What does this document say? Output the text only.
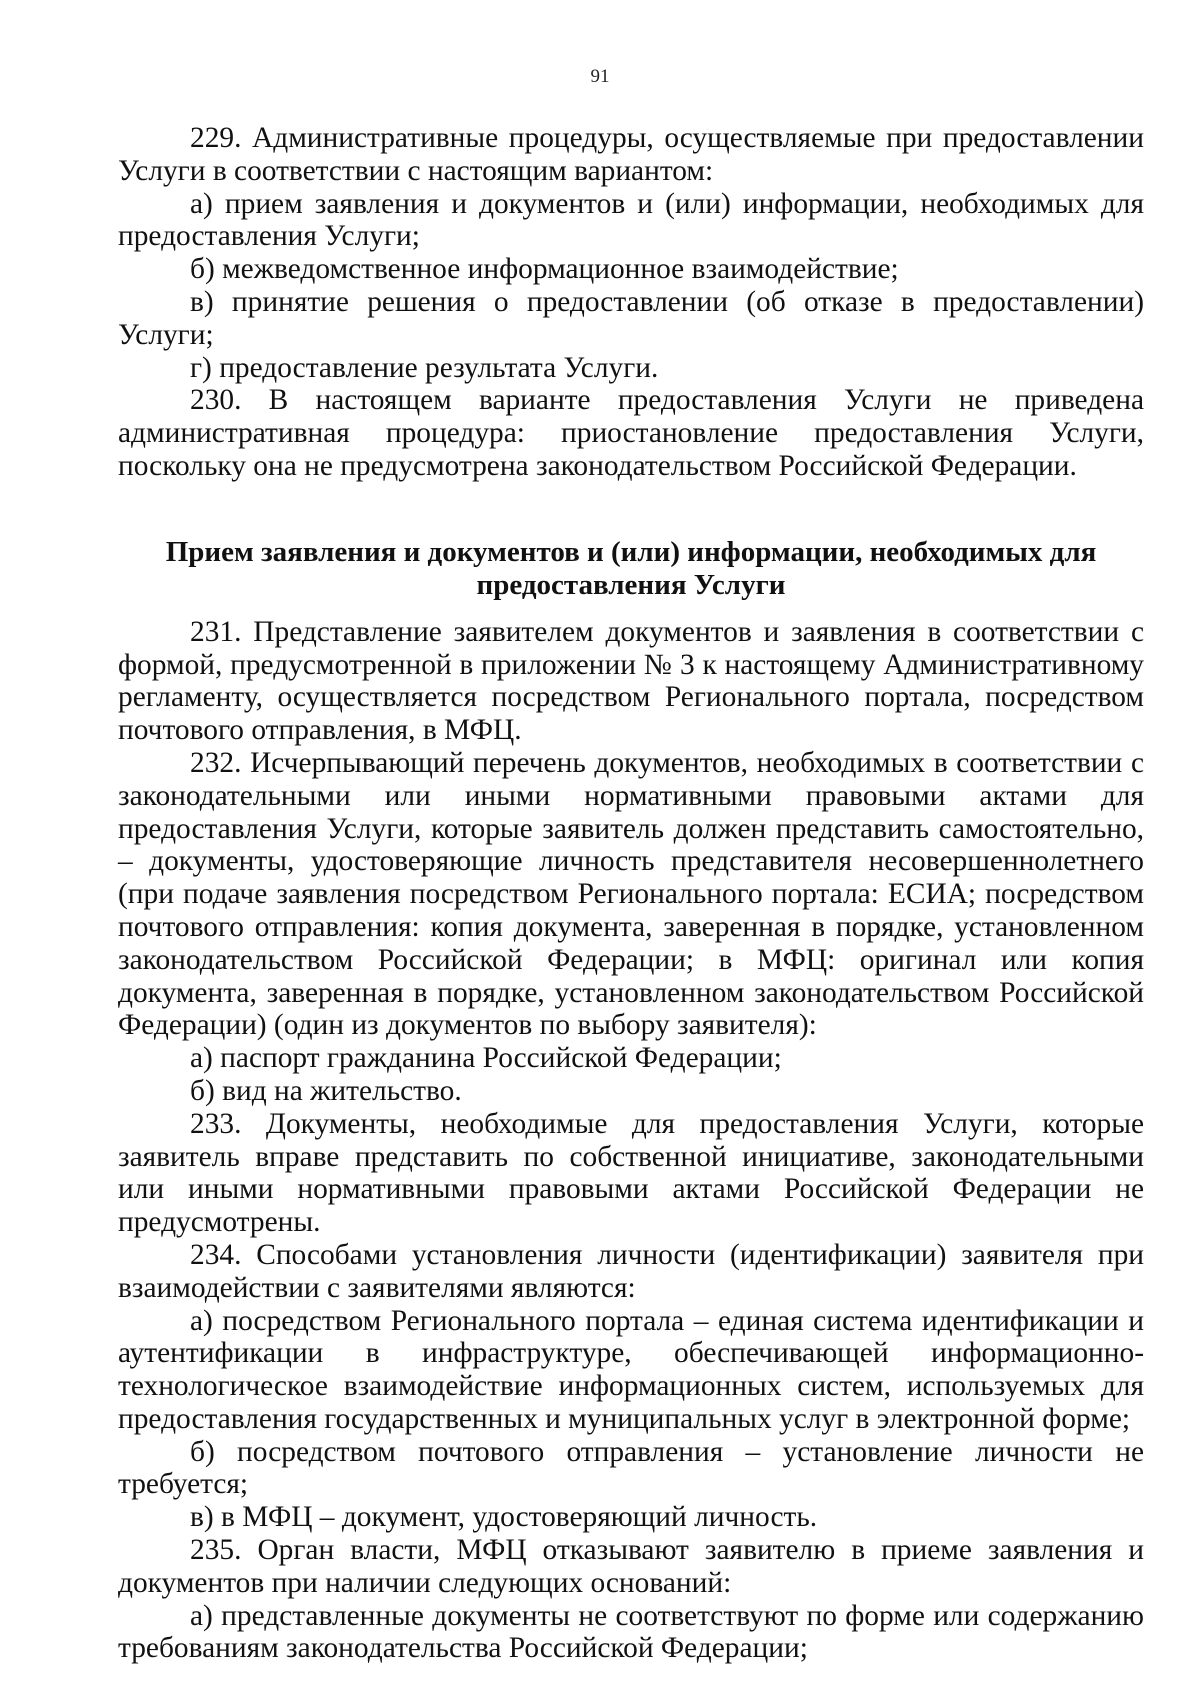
91

229. Административные процедуры, осуществляемые при предоставлении Услуги в соответствии с настоящим вариантом:

а) прием заявления и документов и (или) информации, необходимых для предоставления Услуги;

б) межведомственное информационное взаимодействие;

в) принятие решения о предоставлении (об отказе в предоставлении) Услуги;

г) предоставление результата Услуги.

230. В настоящем варианте предоставления Услуги не приведена административная процедура: приостановление предоставления Услуги, поскольку она не предусмотрена законодательством Российской Федерации.

Прием заявления и документов и (или) информации, необходимых для
предоставления Услуги

231. Представление заявителем документов и заявления в соответствии с формой, предусмотренной в приложении № 3 к настоящему Административному регламенту, осуществляется посредством Регионального портала, посредством почтового отправления, в МФЦ.

232. Исчерпывающий перечень документов, необходимых в соответствии с законодательными или иными нормативными правовыми актами для предоставления Услуги, которые заявитель должен представить самостоятельно, – документы, удостоверяющие личность представителя несовершеннолетнего (при подаче заявления посредством Регионального портала: ЕСИА; посредством почтового отправления: копия документа, заверенная в порядке, установленном законодательством Российской Федерации; в МФЦ: оригинал или копия документа, заверенная в порядке, установленном законодательством Российской Федерации) (один из документов по выбору заявителя):

а) паспорт гражданина Российской Федерации;

б) вид на жительство.

233. Документы, необходимые для предоставления Услуги, которые заявитель вправе представить по собственной инициативе, законодательными или иными нормативными правовыми актами Российской Федерации не предусмотрены.

234. Способами установления личности (идентификации) заявителя при взаимодействии с заявителями являются:

а) посредством Регионального портала – единая система идентификации и аутентификации в инфраструктуре, обеспечивающей информационно-технологическое взаимодействие информационных систем, используемых для предоставления государственных и муниципальных услуг в электронной форме;

б) посредством почтового отправления – установление личности не требуется;

в) в МФЦ – документ, удостоверяющий личность.

235. Орган власти, МФЦ отказывают заявителю в приеме заявления и документов при наличии следующих оснований:

а) представленные документы не соответствуют по форме или содержанию требованиям законодательства Российской Федерации;
